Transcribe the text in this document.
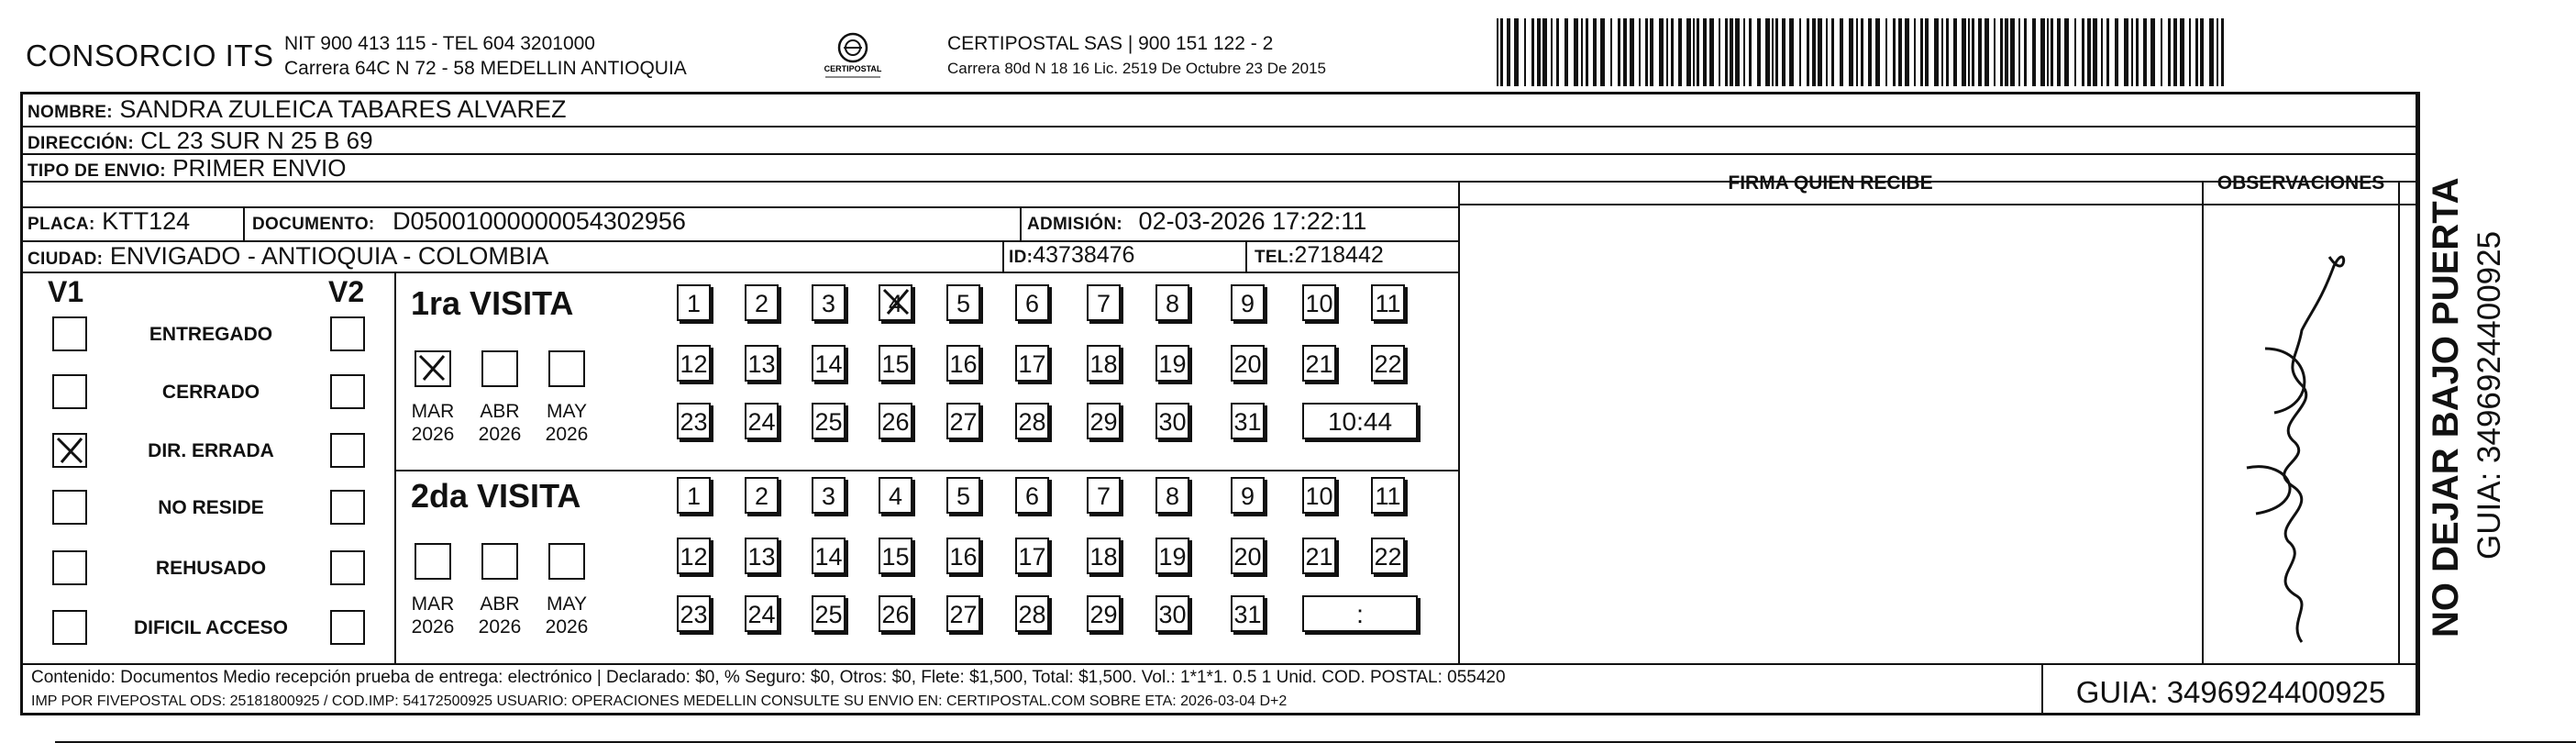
CONSORCIO ITS NIT 900 413 115 - TEL 604 3201000
Carrera 64C N 72 - 58 MEDELLIN ANTIOQUIA	CERTIPOSTAL
CERTIPOSTAL SAS | 900 151 122 - 2
Carrera 80d N 18 16 Lic. 2519 De Octubre 23 De 2015
NOMBRE: SANDRA ZULEICA TABARES ALVAREZ
DIRECCIÓN: CL 23 SUR N 25 B 69
TIPO DE ENVIO: PRIMER ENVIO
FIRMA QUIEN RECIBE	OBSERVACIONES
PLACA: KTT124	DOCUMENTO: D05001000000054302956	ADMISIÓN: 02-03-2026 17:22:11
CIUDAD: ENVIGADO - ANTIOQUIA - COLOMBIA	ID:43738476	TEL:2718442
V1	V2
ENTREGADO
CERRADO
DIR. ERRADA
NO RESIDE
REHUSADO
DIFICIL ACCESO
1ra VISITA
MAR
2026
ABR
2026
MAY
2026
1	2	3	4	5	6	7	8	9	10 11
12 13 14 15 16 17 18 19 20 21 22
23 24 25 26 27 28 29 30 31	10:44
2da VISITA
MAR
2026
ABR
2026
MAY
2026
1	2	3	4	5	6	7	8	9	10 11
12 13 14 15 16 17 18 19 20 21 22
23 24 25 26 27 28 29 30 31	:
Contenido: Documentos Medio recepción prueba de entrega: electrónico | Declarado: $0, % Seguro: $0, Otros: $0, Flete: $1,500, Total: $1,500. Vol.: 1*1*1. 0.5 1 Unid. COD. POSTAL: 055420
IMP POR FIVEPOSTAL ODS: 25181800925 / COD.IMP: 54172500925 USUARIO: OPERACIONES MEDELLIN CONSULTE SU ENVIO EN: CERTIPOSTAL.COM SOBRE ETA: 2026-03-04 D+2	GUIA: 3496924400925
NO DEJAR BAJO PUERTA GUIA: 3496924400925
